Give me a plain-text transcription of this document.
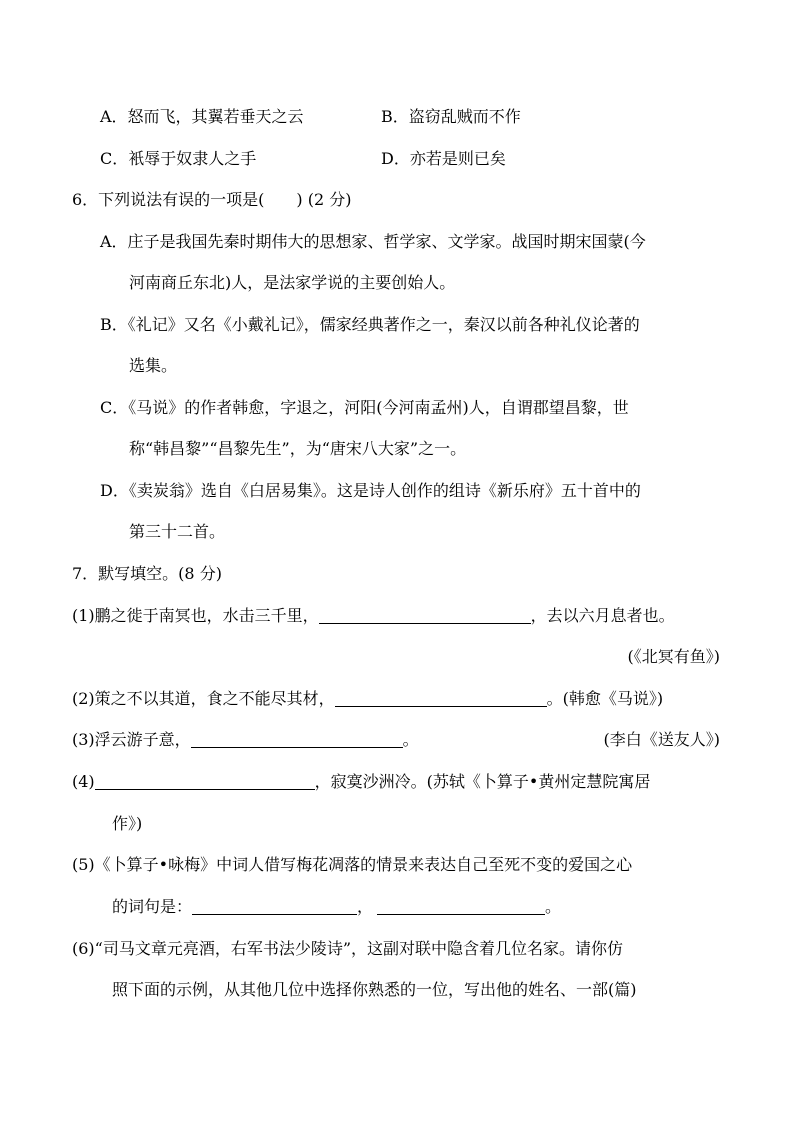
A．怒而飞，其翼若垂天之云	B．盗窃乱贼而不作
C．衹辱于奴隶人之手	D．亦若是则已矣
6．下列说法有误的一项是(　　) (2 分)
A．庄子是我国先秦时期伟大的思想家、哲学家、文学家。战国时期宋国蒙(今
河南商丘东北)人，是法家学说的主要创始人。
B．《礼记》又名《小戴礼记》，儒家经典著作之一，秦汉以前各种礼仪论著的
选集。
C．《马说》的作者韩愈，字退之，河阳(今河南孟州)人，自谓郡望昌黎，世
称“韩昌黎”“昌黎先生”，为“唐宋八大家”之一。
D．《卖炭翁》选自《白居易集》。这是诗人创作的组诗《新乐府》五十首中的
第三十二首。
7．默写填空。(8 分)
(1)鹏之徙于南冥也，水击三千里，	，去以六月息者也。
(《北冥有鱼》)
(2)策之不以其道，食之不能尽其材，	。(韩愈《马说》)
(3)浮云游子意，	。	(李白《送友人》)
(4)	，寂寞沙洲冷。(苏轼《卜算子•黄州定慧院寓居
作》)
(5)《卜算子•咏梅》中词人借写梅花凋落的情景来表达自己至死不变的爱国之心
的词句是：	，	。
(6)“司马文章元亮酒，右军书法少陵诗”，这副对联中隐含着几位名家。请你仿
照下面的示例，从其他几位中选择你熟悉的一位，写出他的姓名、一部(篇)
